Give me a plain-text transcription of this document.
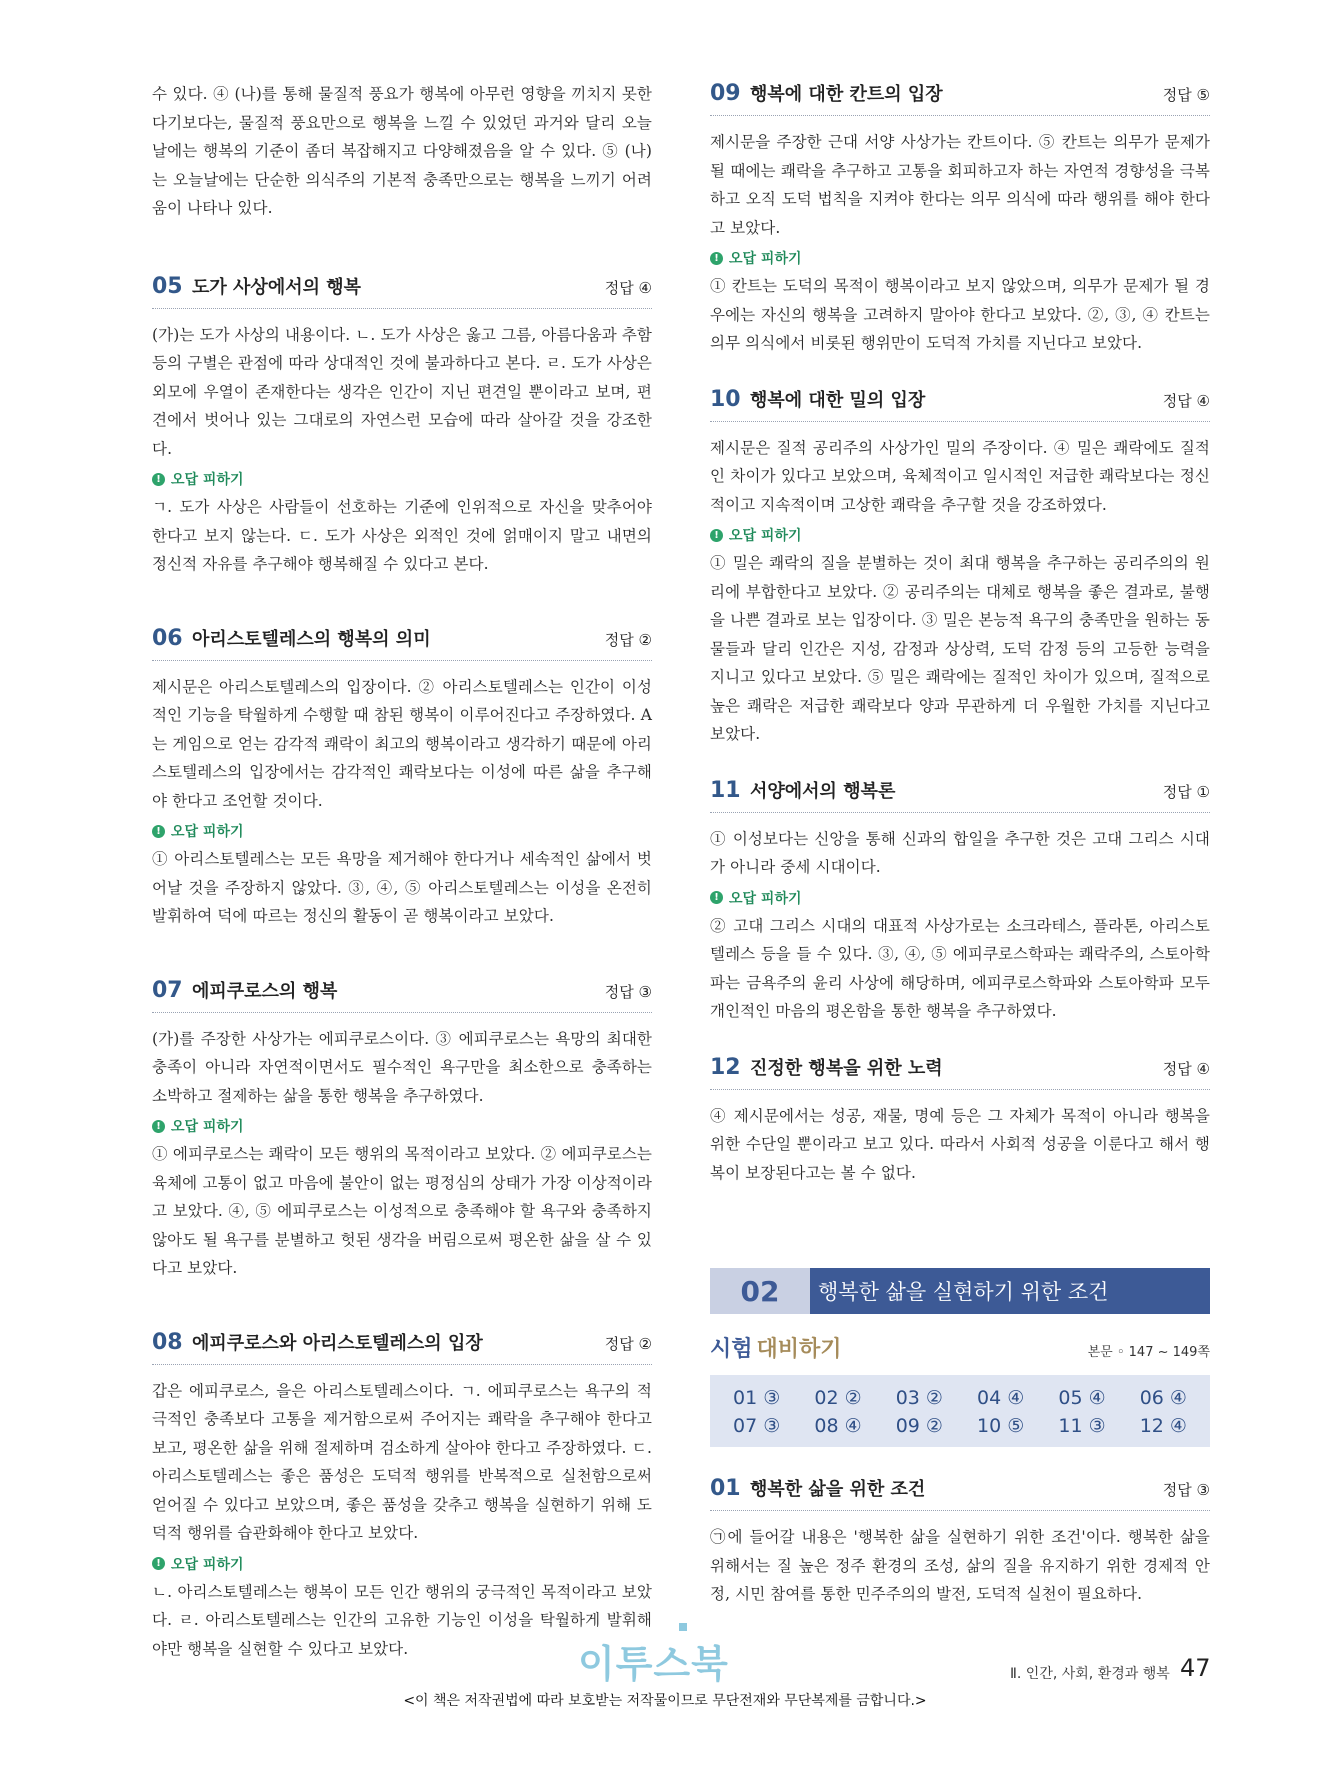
수 있다. ④ (나)를 통해 물질적 풍요가 행복에 아무런 영향을 끼치지 못한다기보다는, 물질적 풍요만으로 행복을 느낄 수 있었던 과거와 달리 오늘날에는 행복의 기준이 좀더 복잡해지고 다양해졌음을 알 수 있다. ⑤ (나)는 오늘날에는 단순한 의식주의 기본적 충족만으로는 행복을 느끼기 어려움이 나타나 있다.

05 도가 사상에서의 행복	정답 ④

(가)는 도가 사상의 내용이다. ㄴ. 도가 사상은 옳고 그름, 아름다움과 추함 등의 구별은 관점에 따라 상대적인 것에 불과하다고 본다. ㄹ. 도가 사상은 외모에 우열이 존재한다는 생각은 인간이 지닌 편견일 뿐이라고 보며, 편견에서 벗어나 있는 그대로의 자연스런 모습에 따라 살아갈 것을 강조한다.

! 오답 피하기

ㄱ. 도가 사상은 사람들이 선호하는 기준에 인위적으로 자신을 맞추어야 한다고 보지 않는다. ㄷ. 도가 사상은 외적인 것에 얽매이지 말고 내면의 정신적 자유를 추구해야 행복해질 수 있다고 본다.

06 아리스토텔레스의 행복의 의미	정답 ②

제시문은 아리스토텔레스의 입장이다. ② 아리스토텔레스는 인간이 이성적인 기능을 탁월하게 수행할 때 참된 행복이 이루어진다고 주장하였다. A는 게임으로 얻는 감각적 쾌락이 최고의 행복이라고 생각하기 때문에 아리스토텔레스의 입장에서는 감각적인 쾌락보다는 이성에 따른 삶을 추구해야 한다고 조언할 것이다.

! 오답 피하기

① 아리스토텔레스는 모든 욕망을 제거해야 한다거나 세속적인 삶에서 벗어날 것을 주장하지 않았다. ③, ④, ⑤ 아리스토텔레스는 이성을 온전히 발휘하여 덕에 따르는 정신의 활동이 곧 행복이라고 보았다.

07 에피쿠로스의 행복	정답 ③

(가)를 주장한 사상가는 에피쿠로스이다. ③ 에피쿠로스는 욕망의 최대한 충족이 아니라 자연적이면서도 필수적인 욕구만을 최소한으로 충족하는 소박하고 절제하는 삶을 통한 행복을 추구하였다.

! 오답 피하기

① 에피쿠로스는 쾌락이 모든 행위의 목적이라고 보았다. ② 에피쿠로스는 육체에 고통이 없고 마음에 불안이 없는 평정심의 상태가 가장 이상적이라고 보았다. ④, ⑤ 에피쿠로스는 이성적으로 충족해야 할 욕구와 충족하지 않아도 될 욕구를 분별하고 헛된 생각을 버림으로써 평온한 삶을 살 수 있다고 보았다.

08 에피쿠로스와 아리스토텔레스의 입장	정답 ②

갑은 에피쿠로스, 을은 아리스토텔레스이다. ㄱ. 에피쿠로스는 욕구의 적극적인 충족보다 고통을 제거함으로써 주어지는 쾌락을 추구해야 한다고 보고, 평온한 삶을 위해 절제하며 검소하게 살아야 한다고 주장하였다. ㄷ. 아리스토텔레스는 좋은 품성은 도덕적 행위를 반복적으로 실천함으로써 얻어질 수 있다고 보았으며, 좋은 품성을 갖추고 행복을 실현하기 위해 도덕적 행위를 습관화해야 한다고 보았다.

! 오답 피하기

ㄴ. 아리스토텔레스는 행복이 모든 인간 행위의 궁극적인 목적이라고 보았다. ㄹ. 아리스토텔레스는 인간의 고유한 기능인 이성을 탁월하게 발휘해야만 행복을 실현할 수 있다고 보았다.

09 행복에 대한 칸트의 입장	정답 ⑤

제시문을 주장한 근대 서양 사상가는 칸트이다. ⑤ 칸트는 의무가 문제가 될 때에는 쾌락을 추구하고 고통을 회피하고자 하는 자연적 경향성을 극복하고 오직 도덕 법칙을 지켜야 한다는 의무 의식에 따라 행위를 해야 한다고 보았다.

! 오답 피하기

① 칸트는 도덕의 목적이 행복이라고 보지 않았으며, 의무가 문제가 될 경우에는 자신의 행복을 고려하지 말아야 한다고 보았다. ②, ③, ④ 칸트는 의무 의식에서 비롯된 행위만이 도덕적 가치를 지닌다고 보았다.

10 행복에 대한 밀의 입장	정답 ④

제시문은 질적 공리주의 사상가인 밀의 주장이다. ④ 밀은 쾌락에도 질적인 차이가 있다고 보았으며, 육체적이고 일시적인 저급한 쾌락보다는 정신적이고 지속적이며 고상한 쾌락을 추구할 것을 강조하였다.

! 오답 피하기

① 밀은 쾌락의 질을 분별하는 것이 최대 행복을 추구하는 공리주의의 원리에 부합한다고 보았다. ② 공리주의는 대체로 행복을 좋은 결과로, 불행을 나쁜 결과로 보는 입장이다. ③ 밀은 본능적 욕구의 충족만을 원하는 동물들과 달리 인간은 지성, 감정과 상상력, 도덕 감정 등의 고등한 능력을 지니고 있다고 보았다. ⑤ 밀은 쾌락에는 질적인 차이가 있으며, 질적으로 높은 쾌락은 저급한 쾌락보다 양과 무관하게 더 우월한 가치를 지닌다고 보았다.

11 서양에서의 행복론	정답 ①

① 이성보다는 신앙을 통해 신과의 합일을 추구한 것은 고대 그리스 시대가 아니라 중세 시대이다.

! 오답 피하기

② 고대 그리스 시대의 대표적 사상가로는 소크라테스, 플라톤, 아리스토텔레스 등을 들 수 있다. ③, ④, ⑤ 에피쿠로스학파는 쾌락주의, 스토아학파는 금욕주의 윤리 사상에 해당하며, 에피쿠로스학파와 스토아학파 모두 개인적인 마음의 평온함을 통한 행복을 추구하였다.

12 진정한 행복을 위한 노력	정답 ④

④ 제시문에서는 성공, 재물, 명예 등은 그 자체가 목적이 아니라 행복을 위한 수단일 뿐이라고 보고 있다. 따라서 사회적 성공을 이룬다고 해서 행복이 보장된다고는 볼 수 없다.

02	행복한 삶을 실현하기 위한 조건
시험 대비하기	본문 ◦ 147 ~ 149쪽
01 ③	02 ②	03 ②	04 ④	05 ④	06 ④
07 ③	08 ④	09 ②	10 ⑤	11 ③	12 ④
01 행복한 삶을 위한 조건	정답 ③

㉠에 들어갈 내용은 '행복한 삶을 실현하기 위한 조건'이다. 행복한 삶을 위해서는 질 높은 정주 환경의 조성, 삶의 질을 유지하기 위한 경제적 안정, 시민 참여를 통한 민주주의의 발전, 도덕적 실천이 필요하다.

이투스북	Ⅱ. 인간, 사회, 환경과 행복 47
<이 책은 저작권법에 따라 보호받는 저작물이므로 무단전재와 무단복제를 금합니다.>
